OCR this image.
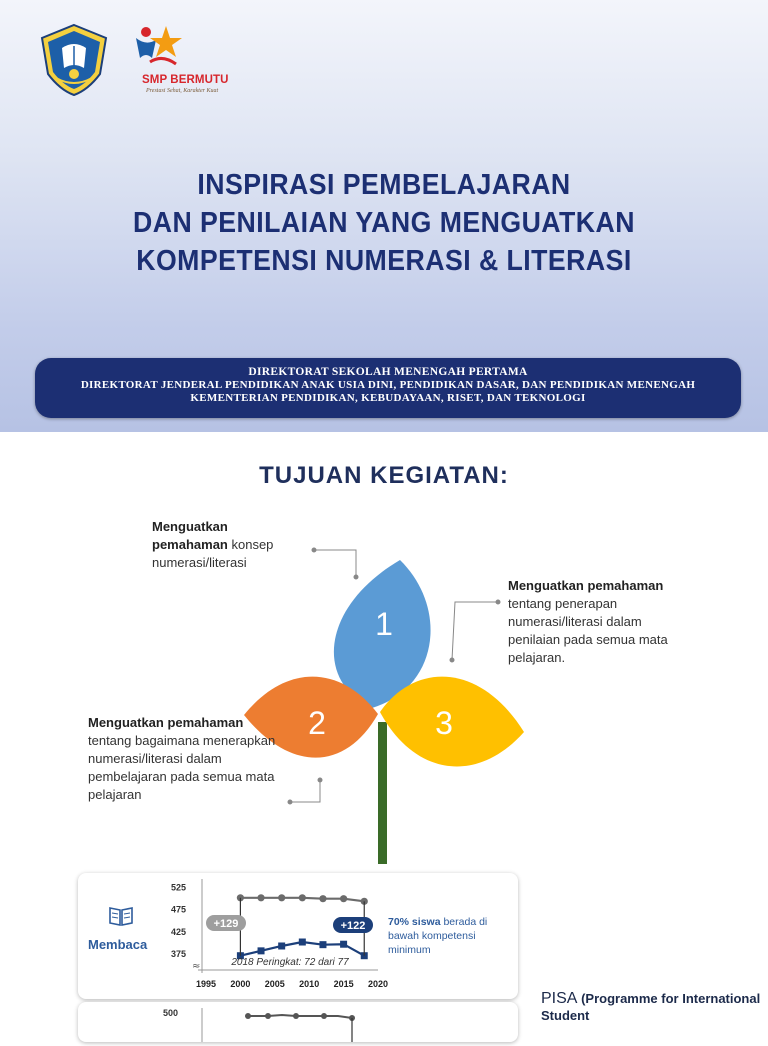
SMP BERMUTU
Prestasi Sehat, Karakter Kuat
INSPIRASI PEMBELAJARAN
DAN PENILAIAN YANG MENGUATKAN
KOMPETENSI NUMERASI & LITERASI
DIREKTORAT SEKOLAH MENENGAH PERTAMA
DIREKTORAT JENDERAL PENDIDIKAN ANAK USIA DINI, PENDIDIKAN DASAR, DAN PENDIDIKAN MENENGAH
KEMENTERIAN PENDIDIKAN, KEBUDAYAAN, RISET, DAN TEKNOLOGI
TUJUAN KEGIATAN:
1
2	3
Menguatkan pemahaman konsep numerasi/literasi
Menguatkan pemahaman tentang penerapan numerasi/literasi dalam penilaian pada semua mata pelajaran.
Menguatkan pemahaman tentang bagaimana menerapkan numerasi/literasi dalam pembelajaran pada semua mata pelajaran
Membaca
525
475
425
375
1995 2000 2005 2010 2015 2020
≈
+129	+122
2018 Peringkat: 72 dari 77
70% siswa berada di bawah kompetensi minimum
500
PISA (Programme for International Student
